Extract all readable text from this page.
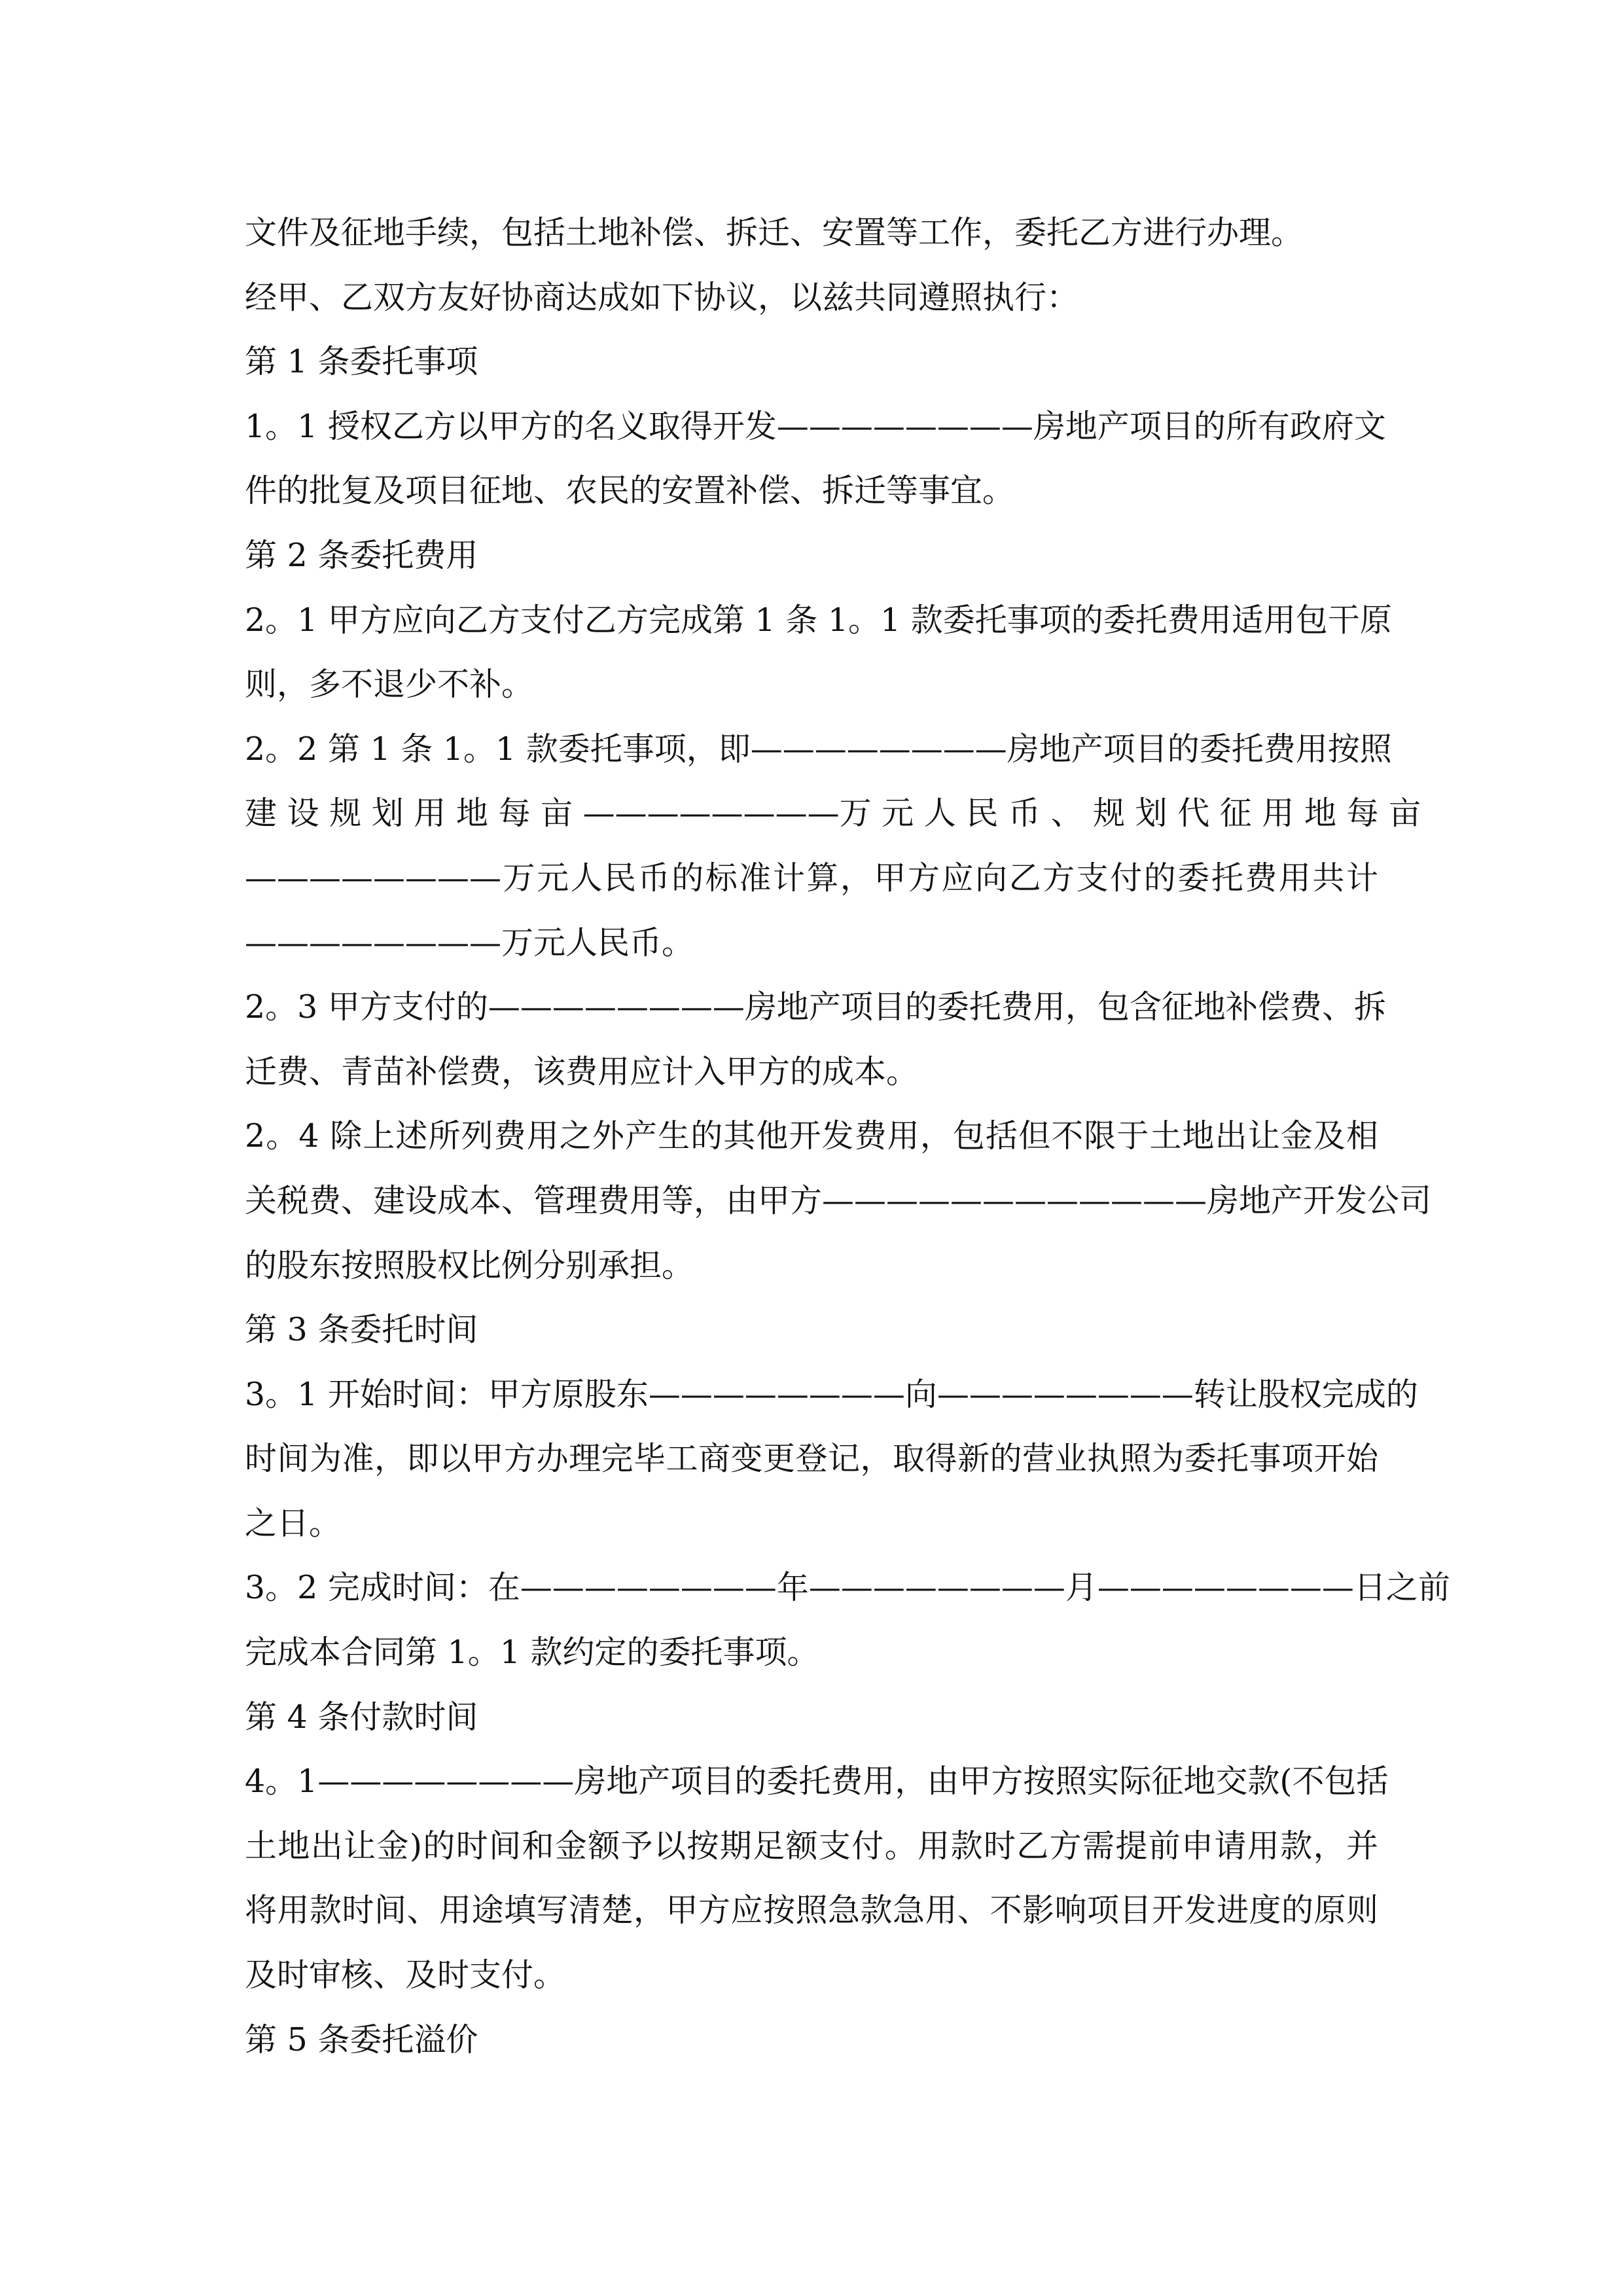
文件及征地手续，包括土地补偿、拆迁、安置等工作，委托乙方进行办理。
经甲、乙双方友好协商达成如下协议，以兹共同遵照执行：
第 1 条委托事项
1。1 授权乙方以甲方的名义取得开发————————房地产项目的所有政府文
件的批复及项目征地、农民的安置补偿、拆迁等事宜。
第 2 条委托费用
2。1 甲方应向乙方支付乙方完成第 1 条 1。1 款委托事项的委托费用适用包干原
则，多不退少不补。
2。2 第 1 条 1。1 款委托事项，即————————房地产项目的委托费用按照
建 设 规 划 用 地 每 亩 ————————万 元 人 民 币 、 规 划 代 征 用 地 每 亩
————————万元人民币的标准计算，甲方应向乙方支付的委托费用共计
————————万元人民币。
2。3 甲方支付的————————房地产项目的委托费用，包含征地补偿费、拆
迁费、青苗补偿费，该费用应计入甲方的成本。
2。4 除上述所列费用之外产生的其他开发费用，包括但不限于土地出让金及相
关税费、建设成本、管理费用等，由甲方————————————房地产开发公司
的股东按照股权比例分别承担。
第 3 条委托时间
3。1 开始时间：甲方原股东————————向————————转让股权完成的
时间为准，即以甲方办理完毕工商变更登记，取得新的营业执照为委托事项开始
之日。
3。2 完成时间：在————————年————————月————————日之前
完成本合同第 1。1 款约定的委托事项。
第 4 条付款时间
4。1————————房地产项目的委托费用，由甲方按照实际征地交款(不包括
土地出让金)的时间和金额予以按期足额支付。用款时乙方需提前申请用款，并
将用款时间、用途填写清楚，甲方应按照急款急用、不影响项目开发进度的原则
及时审核、及时支付。
第 5 条委托溢价
